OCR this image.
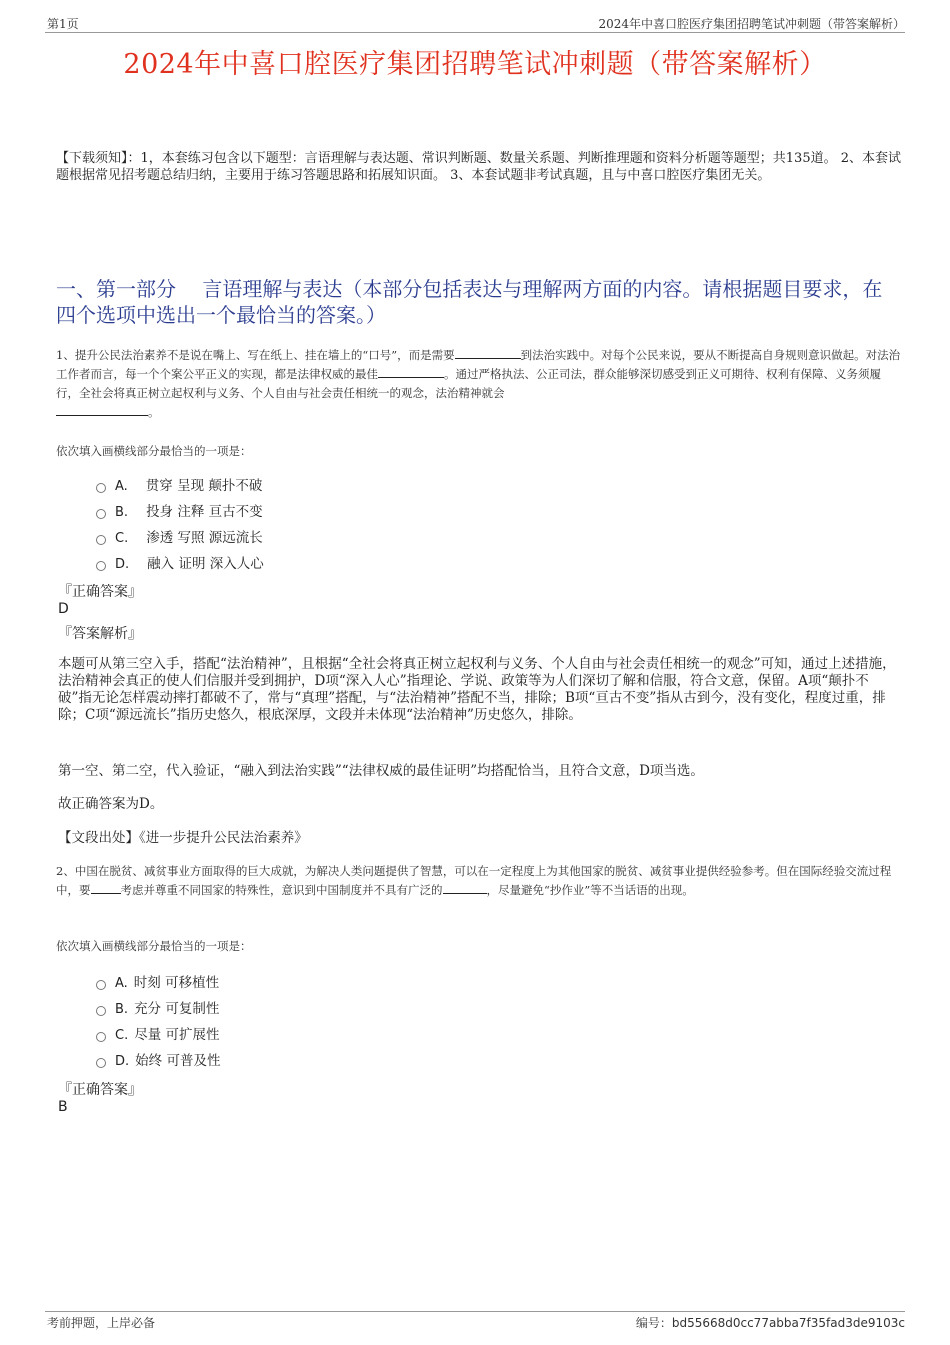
第1页	2024年中喜口腔医疗集团招聘笔试冲刺题（带答案解析）
2024年中喜口腔医疗集团招聘笔试冲刺题（带答案解析）
【下载须知】：1，本套练习包含以下题型：言语理解与表达题、常识判断题、数量关系题、判断推理题和资料分析题等题型；共135道。 2、本套试题根据常见招考题总结归纳，主要用于练习答题思路和拓展知识面。 3、本套试题非考试真题，且与中喜口腔医疗集团无关。
一、第一部分　 言语理解与表达（本部分包括表达与理解两方面的内容。请根据题目要求，在四个选项中选出一个最恰当的答案。）
1、提升公民法治素养不是说在嘴上、写在纸上、挂在墙上的“口号”，而是需要	到法治实践中。对每个公民来说，要从不断提高自身规则意识做起。对法治工作者而言，每一个个案公平正义的实现，都是法律权威的最佳	。通过严格执法、公正司法，群众能够深切感受到正义可期待、权利有保障、义务须履行，全社会将真正树立起权利与义务、个人自由与社会责任相统一的观念，法治精神就会
。
依次填入画横线部分最恰当的一项是：
A. 贯穿 呈现 颠扑不破
B. 投身 注释 亘古不变
C. 渗透 写照 源远流长
D. 融入 证明 深入人心
『正确答案』
D
『答案解析』
本题可从第三空入手，搭配“法治精神”，且根据“全社会将真正树立起权利与义务、个人自由与社会责任相统一的观念”可知，通过上述措施，法治精神会真正的使人们信服并受到拥护，D项“深入人心”指理论、学说、政策等为人们深切了解和信服，符合文意，保留。A项“颠扑不破”指无论怎样震动摔打都破不了，常与“真理”搭配，与“法治精神”搭配不当，排除；B项“亘古不变”指从古到今，没有变化，程度过重，排除；C项“源远流长”指历史悠久，根底深厚，文段并未体现“法治精神”历史悠久，排除。
第一空、第二空，代入验证，“融入到法治实践”“法律权威的最佳证明”均搭配恰当，且符合文意，D项当选。
故正确答案为D。
【文段出处】《进一步提升公民法治素养》
2、中国在脱贫、减贫事业方面取得的巨大成就，为解决人类问题提供了智慧，可以在一定程度上为其他国家的脱贫、减贫事业提供经验参考。但在国际经验交流过程中，要	考虑并尊重不同国家的特殊性，意识到中国制度并不具有广泛的	，尽量避免“抄作业”等不当话语的出现。
依次填入画横线部分最恰当的一项是：
A. 时刻 可移植性
B. 充分 可复制性
C. 尽量 可扩展性
D. 始终 可普及性
『正确答案』
B
考前押题，上岸必备	编号：bd55668d0cc77abba7f35fad3de9103c
